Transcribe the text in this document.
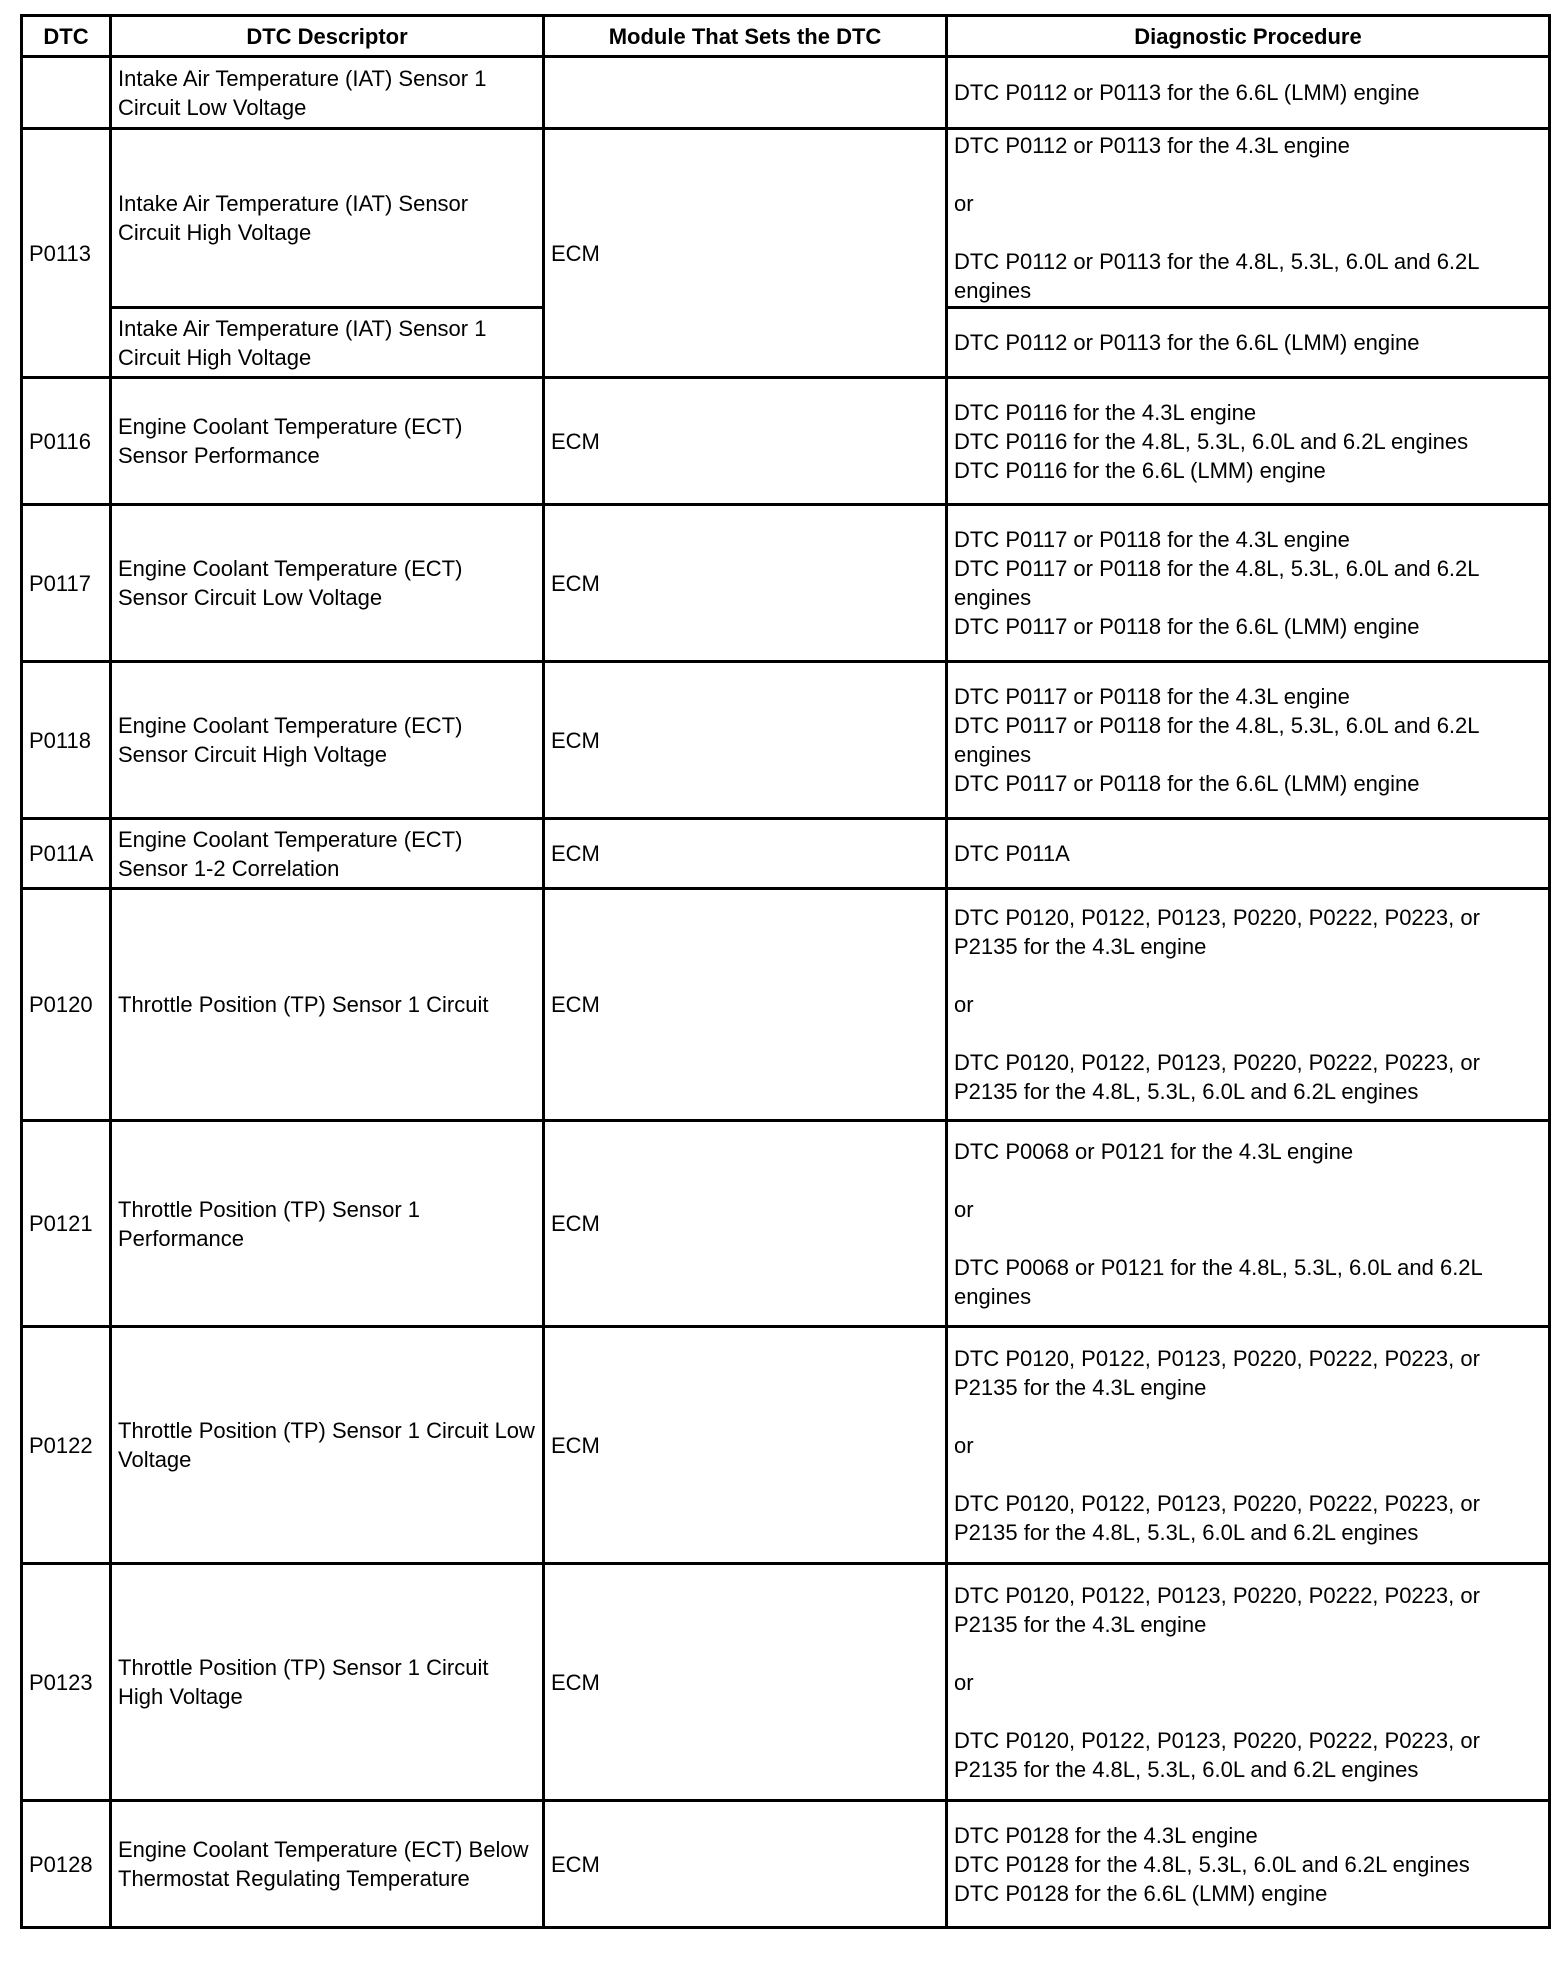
DTC	DTC Descriptor	Module That Sets the DTC	Diagnostic Procedure
	Intake Air Temperature (IAT) Sensor 1 Circuit Low Voltage		DTC P0112 or P0113 for the 6.6L (LMM) engine

P0113	Intake Air Temperature (IAT) Sensor Circuit High Voltage	ECM	DTC P0112 or P0113 for the 4.3L engine
or
DTC P0112 or P0113 for the 4.8L, 5.3L, 6.0L and 6.2L engines

	Intake Air Temperature (IAT) Sensor 1 Circuit High Voltage		DTC P0112 or P0113 for the 6.6L (LMM) engine

P0116	Engine Coolant Temperature (ECT) Sensor Performance	ECM	DTC P0116 for the 4.3L engine
DTC P0116 for the 4.8L, 5.3L, 6.0L and 6.2L engines
DTC P0116 for the 6.6L (LMM) engine

P0117	Engine Coolant Temperature (ECT) Sensor Circuit Low Voltage	ECM	DTC P0117 or P0118 for the 4.3L engine
DTC P0117 or P0118 for the 4.8L, 5.3L, 6.0L and 6.2L engines
DTC P0117 or P0118 for the 6.6L (LMM) engine

P0118	Engine Coolant Temperature (ECT) Sensor Circuit High Voltage	ECM	DTC P0117 or P0118 for the 4.3L engine
DTC P0117 or P0118 for the 4.8L, 5.3L, 6.0L and 6.2L engines
DTC P0117 or P0118 for the 6.6L (LMM) engine

P011A	Engine Coolant Temperature (ECT) Sensor 1-2 Correlation	ECM	DTC P011A

P0120	Throttle Position (TP) Sensor 1 Circuit	ECM	DTC P0120, P0122, P0123, P0220, P0222, P0223, or P2135 for the 4.3L engine
or
DTC P0120, P0122, P0123, P0220, P0222, P0223, or P2135 for the 4.8L, 5.3L, 6.0L and 6.2L engines

P0121	Throttle Position (TP) Sensor 1 Performance	ECM	DTC P0068 or P0121 for the 4.3L engine
or
DTC P0068 or P0121 for the 4.8L, 5.3L, 6.0L and 6.2L engines

P0122	Throttle Position (TP) Sensor 1 Circuit Low Voltage	ECM	DTC P0120, P0122, P0123, P0220, P0222, P0223, or P2135 for the 4.3L engine
or
DTC P0120, P0122, P0123, P0220, P0222, P0223, or P2135 for the 4.8L, 5.3L, 6.0L and 6.2L engines

P0123	Throttle Position (TP) Sensor 1 Circuit High Voltage	ECM	DTC P0120, P0122, P0123, P0220, P0222, P0223, or P2135 for the 4.3L engine
or
DTC P0120, P0122, P0123, P0220, P0222, P0223, or P2135 for the 4.8L, 5.3L, 6.0L and 6.2L engines

P0128	Engine Coolant Temperature (ECT) Below Thermostat Regulating Temperature	ECM	DTC P0128 for the 4.3L engine
DTC P0128 for the 4.8L, 5.3L, 6.0L and 6.2L engines
DTC P0128 for the 6.6L (LMM) engine
